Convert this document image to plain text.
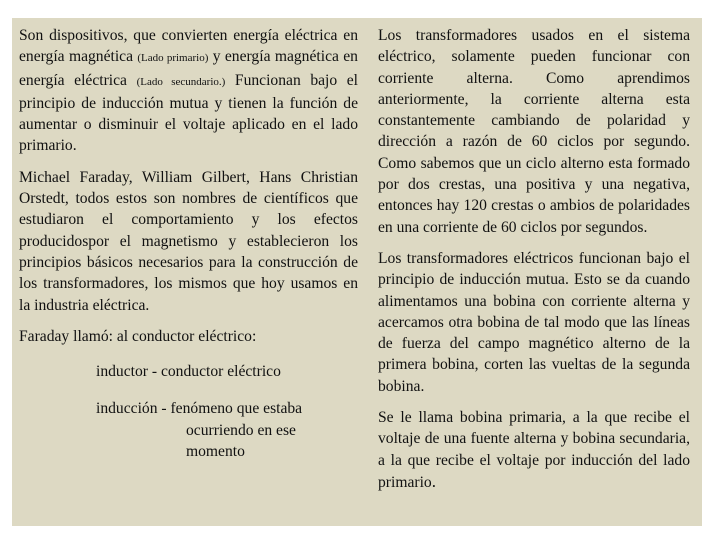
Son dispositivos, que convierten energía eléctrica en energía magnética (Lado primario) y energía magnética en energía eléctrica (Lado secundario.) Funcionan bajo el principio de inducción mutua y tienen la función de aumentar o disminuir el voltaje aplicado en el lado primario.

Michael Faraday, William Gilbert, Hans Christian Orstedt, todos estos son nombres de científicos que estudiaron el comportamiento y los efectos producidospor el magnetismo y establecieron los principios básicos necesarios para la construcción de los transformadores, los mismos que hoy usamos en la industria eléctrica.

Faraday llamó: al conductor eléctrico:

inductor - conductor eléctrico

inducción - fenómeno que estaba

ocurriendo en ese

momento

Los transformadores usados en el sistema eléctrico, solamente pueden funcionar con corriente alterna. Como aprendimos anteriormente, la corriente alterna esta constantemente cambiando de polaridad y dirección a razón de 60 ciclos por segundo. Como sabemos que un ciclo alterno esta formado por dos crestas, una positiva y una negativa, entonces hay 120 crestas o ambios de polaridades en una corriente de 60 ciclos por segundos.

Los transformadores eléctricos funcionan bajo el principio de inducción mutua. Esto se da cuando alimentamos una bobina con corriente alterna y acercamos otra bobina de tal modo que las líneas de fuerza del campo magnético alterno de la primera bobina, corten las vueltas de la segunda bobina.

Se le llama bobina primaria, a la que recibe el voltaje de una fuente alterna y bobina secundaria, a la que recibe el voltaje por inducción del lado primario.
